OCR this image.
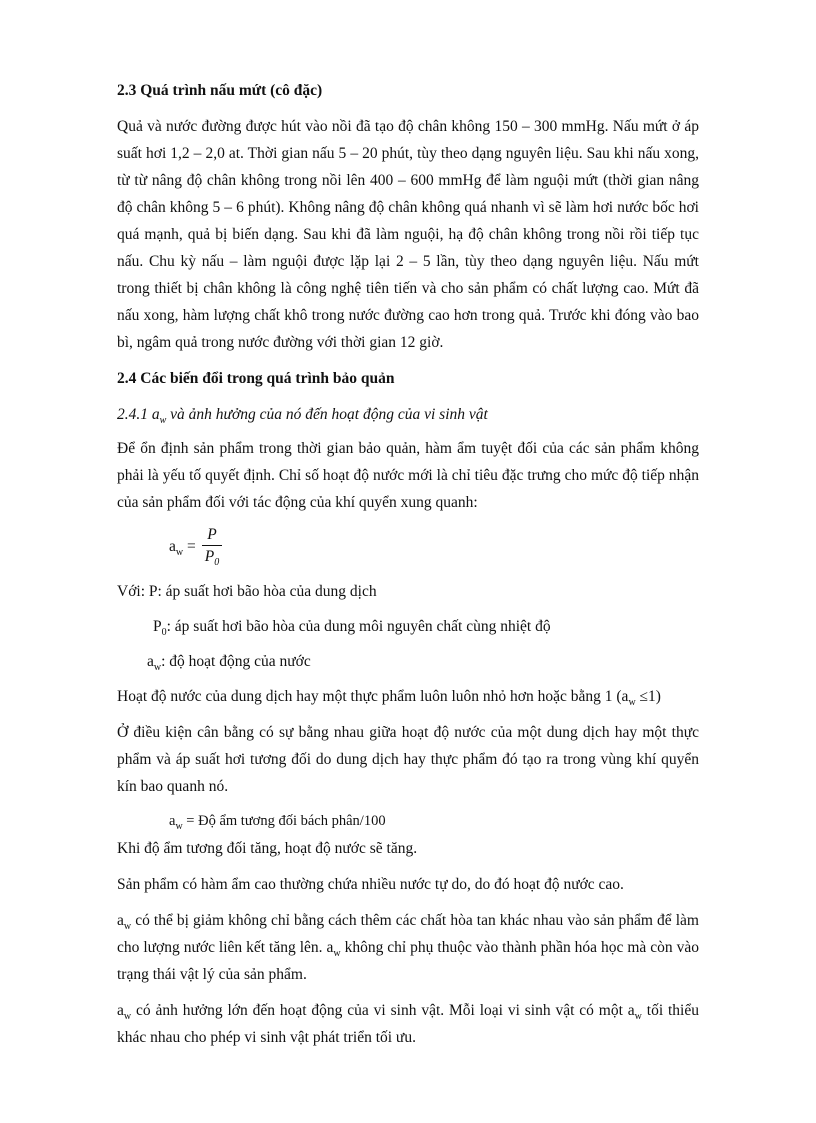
2.3 Quá trình nấu mứt (cô đặc)

Quả và nước đường được hút vào nồi đã tạo độ chân không 150 – 300 mmHg. Nấu mứt ở áp suất hơi 1,2 – 2,0 at. Thời gian nấu 5 – 20 phút, tùy theo dạng nguyên liệu. Sau khi nấu xong, từ từ nâng độ chân không trong nồi lên 400 – 600 mmHg để làm nguội mứt (thời gian nâng độ chân không 5 – 6 phút). Không nâng độ chân không quá nhanh vì sẽ làm hơi nước bốc hơi quá mạnh, quả bị biến dạng. Sau khi đã làm nguội, hạ độ chân không trong nồi rồi tiếp tục nấu. Chu kỳ nấu – làm nguội được lặp lại 2 – 5 lần, tùy theo dạng nguyên liệu. Nấu mứt trong thiết bị chân không là công nghệ tiên tiến và cho sản phẩm có chất lượng cao. Mứt đã nấu xong, hàm lượng chất khô trong nước đường cao hơn trong quả. Trước khi đóng vào bao bì, ngâm quả trong nước đường với thời gian 12 giờ.

2.4 Các biến đổi trong quá trình bảo quản

2.4.1 $a_w$ và ảnh hưởng của nó đến hoạt động của vi sinh vật

Để ổn định sản phẩm trong thời gian bảo quản, hàm ẩm tuyệt đối của các sản phẩm không phải là yếu tố quyết định. Chỉ số hoạt độ nước mới là chỉ tiêu đặc trưng cho mức độ tiếp nhận của sản phẩm đối với tác động của khí quyển xung quanh:

$a_w = \frac{P}{P_0}$

Với: P: áp suất hơi bão hòa của dung dịch

$P_0$: áp suất hơi bão hòa của dung môi nguyên chất cùng nhiệt độ

$a_w$: độ hoạt động của nước

Hoạt độ nước của dung dịch hay một thực phẩm luôn luôn nhỏ hơn hoặc bằng 1 $(a_w \le 1)$

Ở điều kiện cân bằng có sự bằng nhau giữa hoạt độ nước của một dung dịch hay một thực phẩm và áp suất hơi tương đối do dung dịch hay thực phẩm đó tạo ra trong vùng khí quyển kín bao quanh nó.

$a_w$ = Độ ẩm tương đối bách phân/100

Khi độ ẩm tương đối tăng, hoạt độ nước sẽ tăng.

Sản phẩm có hàm ẩm cao thường chứa nhiều nước tự do, do đó hoạt độ nước cao.

$a_w$ có thể bị giảm không chỉ bằng cách thêm các chất hòa tan khác nhau vào sản phẩm để làm cho lượng nước liên kết tăng lên. $a_w$ không chỉ phụ thuộc vào thành phần hóa học mà còn vào trạng thái vật lý của sản phẩm.

$a_w$ có ảnh hưởng lớn đến hoạt động của vi sinh vật. Mỗi loại vi sinh vật có một $a_w$ tối thiểu khác nhau cho phép vi sinh vật phát triển tối ưu.
